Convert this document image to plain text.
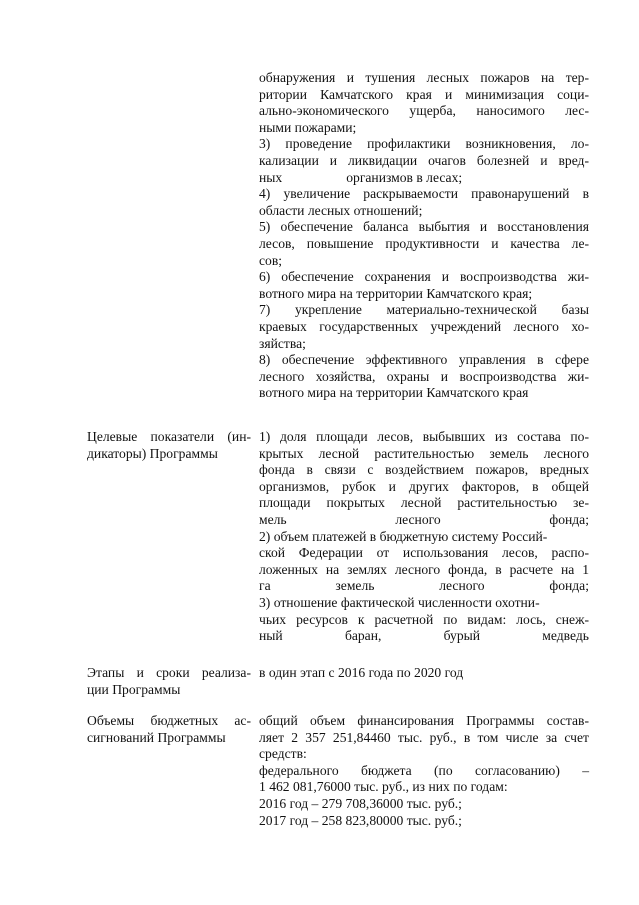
обнаружения и тушения лесных пожаров на тер-
ритории Камчатского края и минимизация соци-
ально-экономического ущерба, наносимого лес-
ными пожарами;
3) проведение профилактики возникновения, ло-
кализации и ликвидации очагов болезней и вред-
ных	организмов в лесах;
4) увеличение раскрываемости правонарушений в
области лесных отношений;
5) обеспечение баланса выбытия и восстановления
лесов, повышение продуктивности и качества ле-
сов;
6) обеспечение сохранения и воспроизводства жи-
вотного мира на территории Камчатского края;
7) укрепление материально-технической базы
краевых государственных учреждений лесного хо-
зяйства;
8) обеспечение эффективного управления в сфере
лесного хозяйства, охраны и воспроизводства жи-
вотного мира на территории Камчатского края
Целевые показатели (ин-
дикаторы) Программы
1) доля площади лесов, выбывших из состава по-
крытых лесной растительностью земель лесного
фонда в связи с воздействием пожаров, вредных
организмов, рубок и других факторов, в общей
площади покрытых лесной растительностью зе-
мель лесного фонда;
2) объем платежей в бюджетную систему Россий-
ской Федерации от использования лесов, распо-
ложенных на землях лесного фонда, в расчете на 1
га земель лесного фонда;
3) отношение фактической численности охотни-
чьих ресурсов к расчетной по видам: лось, снеж-
ный баран, бурый медведь
Этапы и сроки реализа-
ции Программы
в один этап с 2016 года по 2020 год
Объемы бюджетных ас-
сигнований Программы
общий объем финансирования Программы состав-
ляет 2 357 251,84460 тыс. руб., в том числе за счет
средств:
федерального бюджета (по согласованию) –
1 462 081,76000 тыс. руб., из них по годам:
2016 год – 279 708,36000 тыс. руб.;
2017 год – 258 823,80000 тыс. руб.;
